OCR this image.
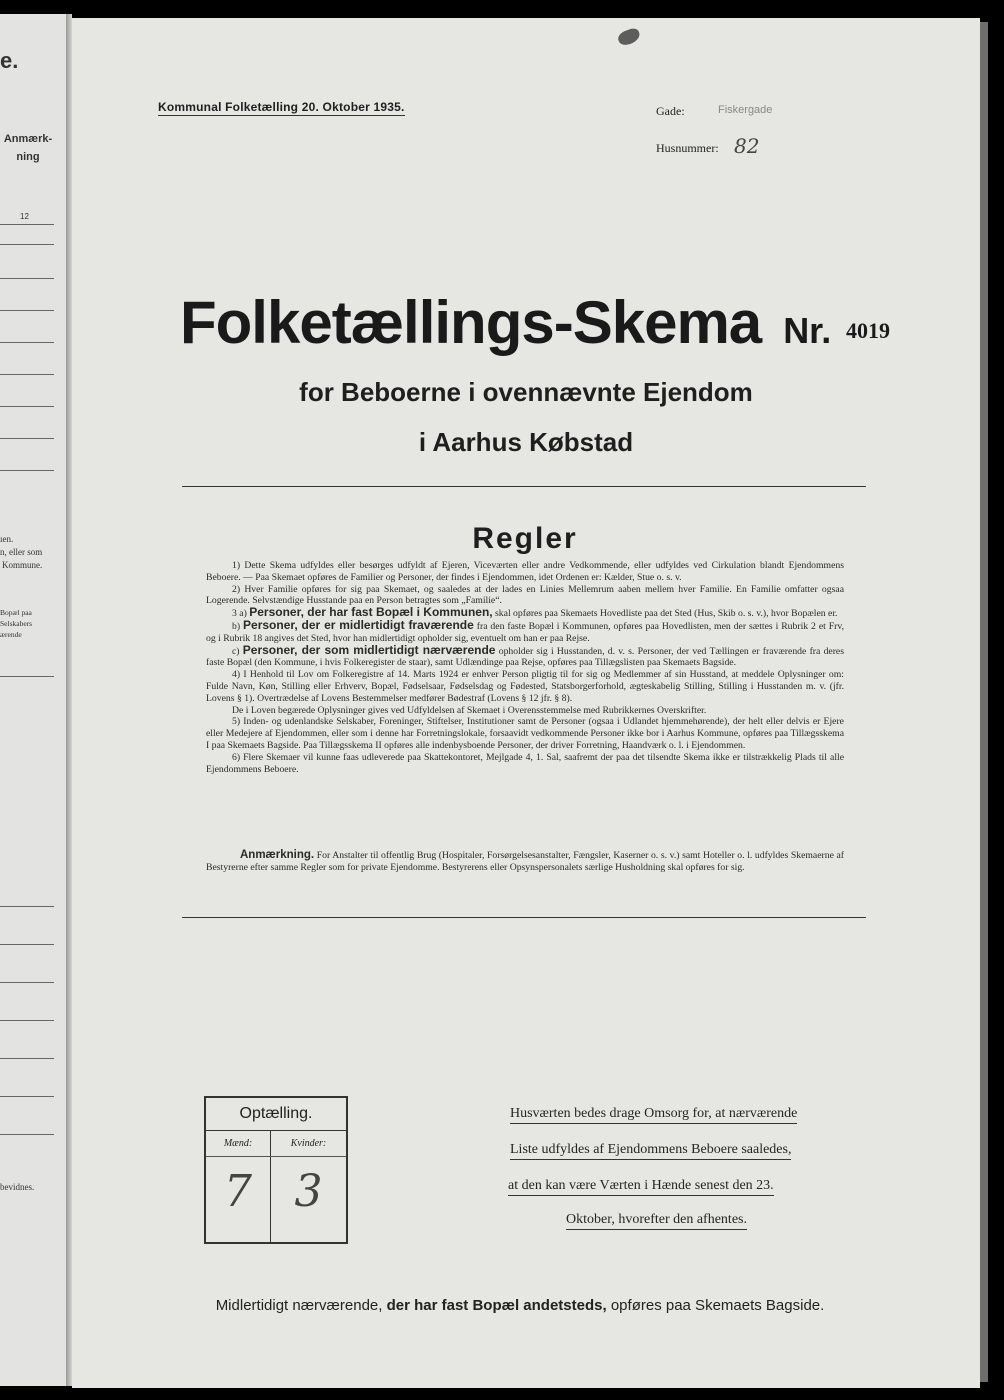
e.
Anmærk-
ning
12
ıen.
n, eller som
Kommune.
Bopæl paa
Selskabers
ærende
bevidnes.
Kommunal Folketælling 20. Oktober 1935.	Gade:	Fiskergade
Husnummer: 82
Folketællings-Skema Nr. 4019
for Beboerne i ovennævnte Ejendom
i Aarhus Købstad
Regler

1) Dette Skema udfyldes eller besørges udfyldt af Ejeren, Viceværten eller andre Vedkommende, eller udfyldes ved Cirkulation blandt Ejendommens Beboere. — Paa Skemaet opføres de Familier og Personer, der findes i Ejendommen, idet Ordenen er: Kælder, Stue o. s. v.

2) Hver Familie opføres for sig paa Skemaet, og saaledes at der lades en Linies Mellemrum aaben mellem hver Familie. En Familie omfatter ogsaa Logerende. Selvstændige Husstande paa en Person betragtes som „Familie“.

3 a) Personer, der har fast Bopæl i Kommunen, skal opføres paa Skemaets Hovedliste paa det Sted (Hus, Skib o. s. v.), hvor Bopælen er.

b) Personer, der er midlertidigt fraværende fra den faste Bopæl i Kommunen, opføres paa Hovedlisten, men der sættes i Rubrik 2 et Frv, og i Rubrik 18 angives det Sted, hvor han midlertidigt opholder sig, eventuelt om han er paa Rejse.

c) Personer, der som midlertidigt nærværende opholder sig i Husstanden, d. v. s. Personer, der ved Tællingen er fraværende fra deres faste Bopæl (den Kommune, i hvis Folkeregister de staar), samt Udlændinge paa Rejse, opføres paa Tillægslisten paa Skemaets Bagside.

4) I Henhold til Lov om Folkeregistre af 14. Marts 1924 er enhver Person pligtig til for sig og Medlemmer af sin Husstand, at meddele Oplysninger om: Fulde Navn, Køn, Stilling eller Erhverv, Bopæl, Fødselsaar, Fødselsdag og Fødested, Statsborgerforhold, ægteskabelig Stilling, Stilling i Husstanden m. v. (jfr. Lovens § 1). Overtrædelse af Lovens Bestemmelser medfører Bødestraf (Lovens § 12 jfr. § 8).

De i Loven begærede Oplysninger gives ved Udfyldelsen af Skemaet i Overensstemmelse med Rubrikkernes Overskrifter.

5) Inden- og udenlandske Selskaber, Foreninger, Stiftelser, Institutioner samt de Personer (ogsaa i Udlandet hjemmehørende), der helt eller delvis er Ejere eller Medejere af Ejendommen, eller som i denne har Forretningslokale, forsaavidt vedkommende Personer ikke bor i Aarhus Kommune, opføres paa Tillægsskema I paa Skemaets Bagside. Paa Tillægsskema II opføres alle indenbysboende Personer, der driver Forretning, Haandværk o. l. i Ejendommen.

6) Flere Skemaer vil kunne faas udleverede paa Skattekontoret, Mejlgade 4, 1. Sal, saafremt der paa det tilsendte Skema ikke er tilstrækkelig Plads til alle Ejendommens Beboere.

Anmærkning. For Anstalter til offentlig Brug (Hospitaler, Forsørgelsesanstalter, Fængsler, Kaserner o. s. v.) samt Hoteller o. l. udfyldes Skemaerne af Bestyrerne efter samme Regler som for private Ejendomme. Bestyrerens eller Opsynspersonalets særlige Husholdning skal opføres for sig.
Optælling.
Mænd:	Kvinder:
7 3
Husværten bedes drage Omsorg for, at nærværende
Liste udfyldes af Ejendommens Beboere saaledes,
at den kan være Værten i Hænde senest den 23.
Oktober, hvorefter den afhentes.
Midlertidigt nærværende, der har fast Bopæl andetsteds, opføres paa Skemaets Bagside.
